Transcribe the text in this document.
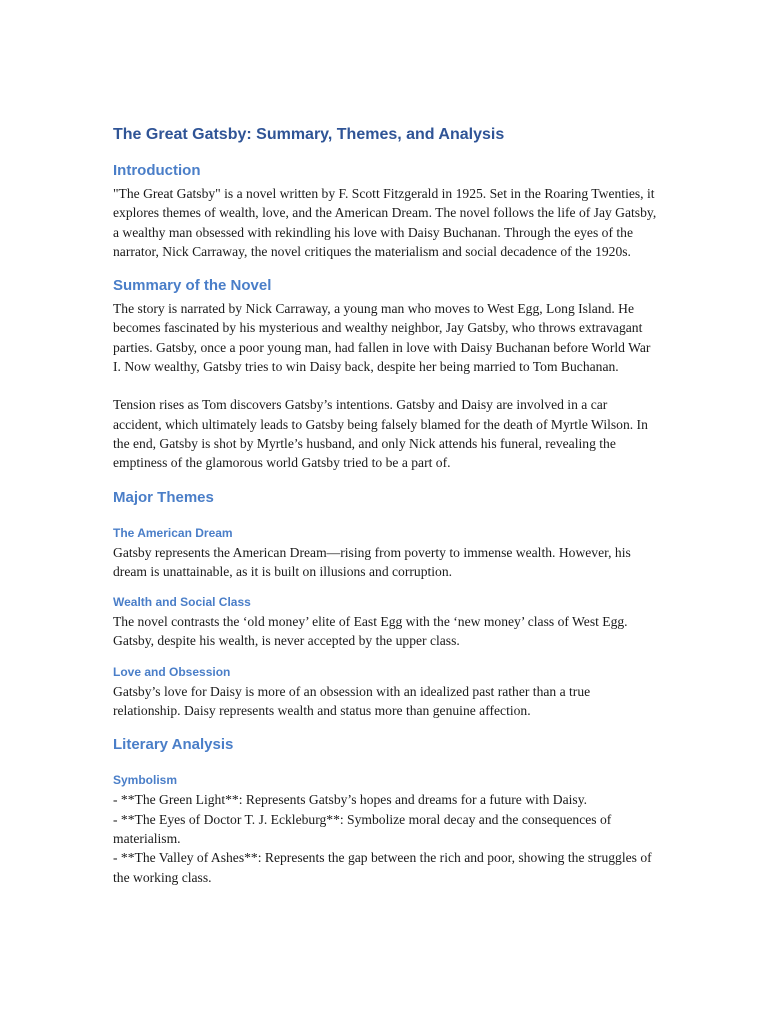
The Great Gatsby: Summary, Themes, and Analysis
Introduction

"The Great Gatsby" is a novel written by F. Scott Fitzgerald in 1925. Set in the Roaring Twenties, it explores themes of wealth, love, and the American Dream. The novel follows the life of Jay Gatsby, a wealthy man obsessed with rekindling his love with Daisy Buchanan. Through the eyes of the narrator, Nick Carraway, the novel critiques the materialism and social decadence of the 1920s.

Summary of the Novel

The story is narrated by Nick Carraway, a young man who moves to West Egg, Long Island. He becomes fascinated by his mysterious and wealthy neighbor, Jay Gatsby, who throws extravagant parties. Gatsby, once a poor young man, had fallen in love with Daisy Buchanan before World War I. Now wealthy, Gatsby tries to win Daisy back, despite her being married to Tom Buchanan.

Tension rises as Tom discovers Gatsby’s intentions. Gatsby and Daisy are involved in a car accident, which ultimately leads to Gatsby being falsely blamed for the death of Myrtle Wilson. In the end, Gatsby is shot by Myrtle’s husband, and only Nick attends his funeral, revealing the emptiness of the glamorous world Gatsby tried to be a part of.

Major Themes
The American Dream

Gatsby represents the American Dream—rising from poverty to immense wealth. However, his dream is unattainable, as it is built on illusions and corruption.

Wealth and Social Class

The novel contrasts the ‘old money’ elite of East Egg with the ‘new money’ class of West Egg. Gatsby, despite his wealth, is never accepted by the upper class.

Love and Obsession

Gatsby’s love for Daisy is more of an obsession with an idealized past rather than a true relationship. Daisy represents wealth and status more than genuine affection.

Literary Analysis
Symbolism
- **The Green Light**: Represents Gatsby’s hopes and dreams for a future with Daisy.
- **The Eyes of Doctor T. J. Eckleburg**: Symbolize moral decay and the consequences of materialism.
- **The Valley of Ashes**: Represents the gap between the rich and poor, showing the struggles of the working class.
